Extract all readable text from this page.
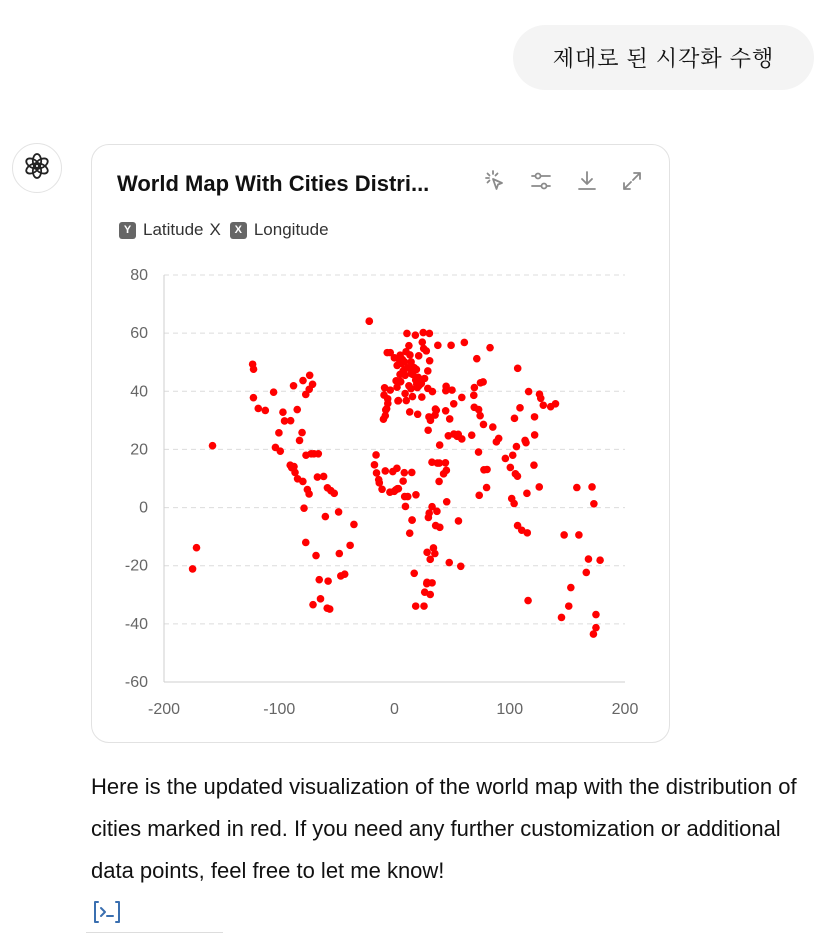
제대로 된 시각화 수행
World Map With Cities Distri...
Y Latitude X	X Longitude
80
60
40
20
0
-20
-40
-60
-200	-100	0	100	200
Here is the updated visualization of the world map with the distribution of cities marked in red. If you need any further customization or additional data points, feel free to let me know!
